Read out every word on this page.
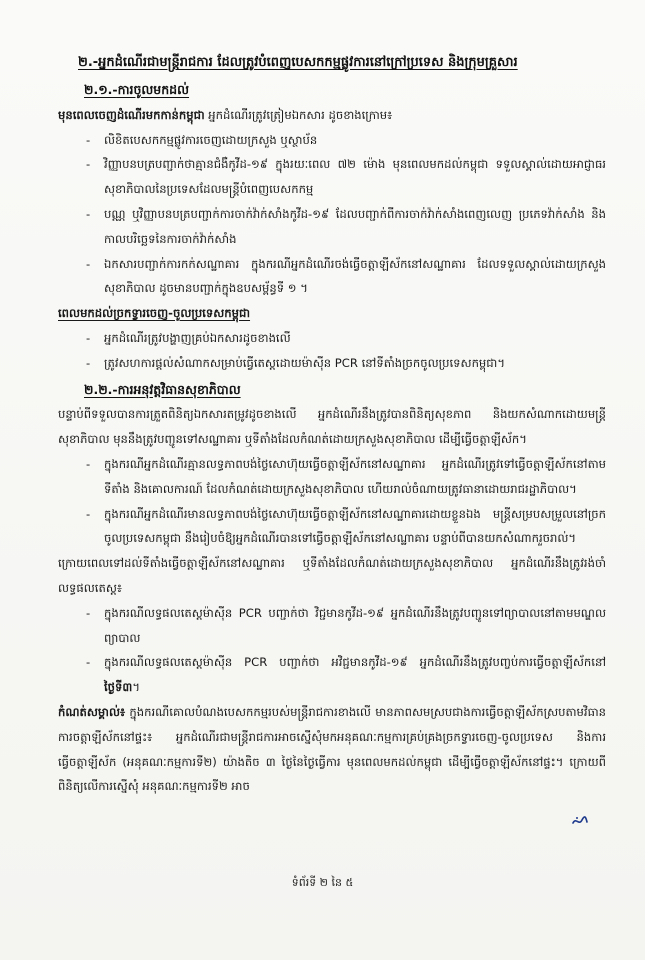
២.-អ្នកដំណើរជាមន្ត្រីរាជការ ដែលត្រូវបំពេញបេសកកម្មផ្លូវការនៅក្រៅប្រទេស និងក្រុមគ្រួសារ
២.១.-ការចូលមកដល់

មុនពេលចេញដំណើរមកកាន់កម្ពុជា អ្នកដំណើរត្រូវត្រៀមឯកសារ ដូចខាងក្រោម៖

- លិខិតបេសកកម្មផ្លូវការចេញដោយក្រសួង ឬស្ថាប័ន
- វិញ្ញាបនបត្របញ្ជាក់ថាគ្មានជំងឺកូវីដ-១៩ ក្នុងរយៈពេល ៧២ ម៉ោង មុនពេលមកដល់កម្ពុជា ទទួលស្គាល់ដោយអាជ្ញាធរសុខាភិបាលនៃប្រទេសដែលមន្ត្រីបំពេញបេសកកម្ម
- បណ្ណ ឬវិញ្ញាបនបត្របញ្ជាក់ការចាក់វ៉ាក់សាំងកូវីដ-១៩ ដែលបញ្ជាក់ពីការចាក់វ៉ាក់សាំងពេញលេញ ប្រភេទវ៉ាក់សាំង និងកាលបរិច្ឆេទនៃការចាក់វ៉ាក់សាំង
- ឯកសារបញ្ជាក់ការកក់សណ្ឋាគារ ក្នុងករណីអ្នកដំណើរចង់ធ្វើចត្តាឡីស័កនៅសណ្ឋាគារ ដែលទទួលស្គាល់ដោយក្រសួងសុខាភិបាល ដូចមានបញ្ជាក់ក្នុងឧបសម្ព័ន្ធទី ១ ។
ពេលមកដល់ច្រកទ្វារចេញ-ចូលប្រទេសកម្ពុជា
- អ្នកដំណើរត្រូវបង្ហាញគ្រប់ឯកសារដូចខាងលើ
- ត្រូវសហការផ្តល់សំណាកសម្រាប់ធ្វើតេស្តដោយម៉ាស៊ីន PCR នៅទីតាំងច្រកចូលប្រទេសកម្ពុជា។
២.២.-ការអនុវត្តវិធានសុខាភិបាល

បន្ទាប់ពីទទួលបានការត្រួតពិនិត្យឯកសារតម្រូវដូចខាងលើ អ្នកដំណើរនឹងត្រូវបានពិនិត្យសុខភាព និងយកសំណាកដោយមន្ត្រីសុខាភិបាល មុននឹងត្រូវបញ្ជូនទៅសណ្ឋាគារ ឬទីតាំងដែលកំណត់ដោយក្រសួងសុខាភិបាល ដើម្បីធ្វើចត្តាឡីស័ក។

- ក្នុងករណីអ្នកដំណើរគ្មានលទ្ធភាពបង់ថ្លៃសោហ៊ុយធ្វើចត្តាឡីស័កនៅសណ្ឋាគារ អ្នកដំណើរត្រូវទៅធ្វើចត្តាឡីស័កនៅតាមទីតាំង និងគោលការណ៍ ដែលកំណត់ដោយក្រសួងសុខាភិបាល ហើយរាល់ចំណាយត្រូវធានាដោយរាជរដ្ឋាភិបាល។
- ក្នុងករណីអ្នកដំណើរមានលទ្ធភាពបង់ថ្លៃសោហ៊ុយធ្វើចត្តាឡីស័កនៅសណ្ឋាគារដោយខ្លួនឯង មន្ត្រីសម្របសម្រួលនៅច្រកចូលប្រទេសកម្ពុជា នឹងរៀបចំឱ្យអ្នកដំណើរបានទៅធ្វើចត្តាឡីស័កនៅសណ្ឋាគារ បន្ទាប់ពីបានយកសំណាករួចរាល់។

ក្រោយពេលទៅដល់ទីតាំងធ្វើចត្តាឡីស័កនៅសណ្ឋាគារ ឬទីតាំងដែលកំណត់ដោយក្រសួងសុខាភិបាល អ្នកដំណើរនឹងត្រូវរង់ចាំលទ្ធផលតេស្ត៖

- ក្នុងករណីលទ្ធផលតេស្តម៉ាស៊ីន PCR បញ្ជាក់ថា វិជ្ជមានកូវីដ-១៩ អ្នកដំណើរនឹងត្រូវបញ្ជូនទៅព្យាបាលនៅតាមមណ្ឌលព្យាបាល
- ក្នុងករណីលទ្ធផលតេស្តម៉ាស៊ីន PCR បញ្ជាក់ថា អវិជ្ជមានកូវីដ-១៩ អ្នកដំណើរនឹងត្រូវបញ្ចប់ការធ្វើចត្តាឡីស័កនៅថ្ងៃទី៣។

កំណត់សម្គាល់៖ ក្នុងករណីគោលបំណងបេសកកម្មរបស់មន្ត្រីរាជការខាងលើ មានភាពសមស្របជាងការធ្វើចត្តាឡីស័កស្របតាមវិធានការចត្តាឡីស័កនៅផ្ទះ៖ អ្នកដំណើរជាមន្ត្រីរាជការអាចស្នើសុំមកអនុគណៈកម្មការគ្រប់គ្រងច្រកទ្វារចេញ-ចូលប្រទេស និងការធ្វើចត្តាឡីស័ក (អនុគណៈកម្មការទី២) យ៉ាងតិច ៣ ថ្ងៃនៃថ្ងៃធ្វើការ មុនពេលមកដល់កម្ពុជា ដើម្បីធ្វើចត្តាឡីស័កនៅផ្ទះ។ ក្រោយពីពិនិត្យលើការស្នើសុំ អនុគណៈកម្មការទី២ អាច

ទំព័រទី ២ នៃ ៥
